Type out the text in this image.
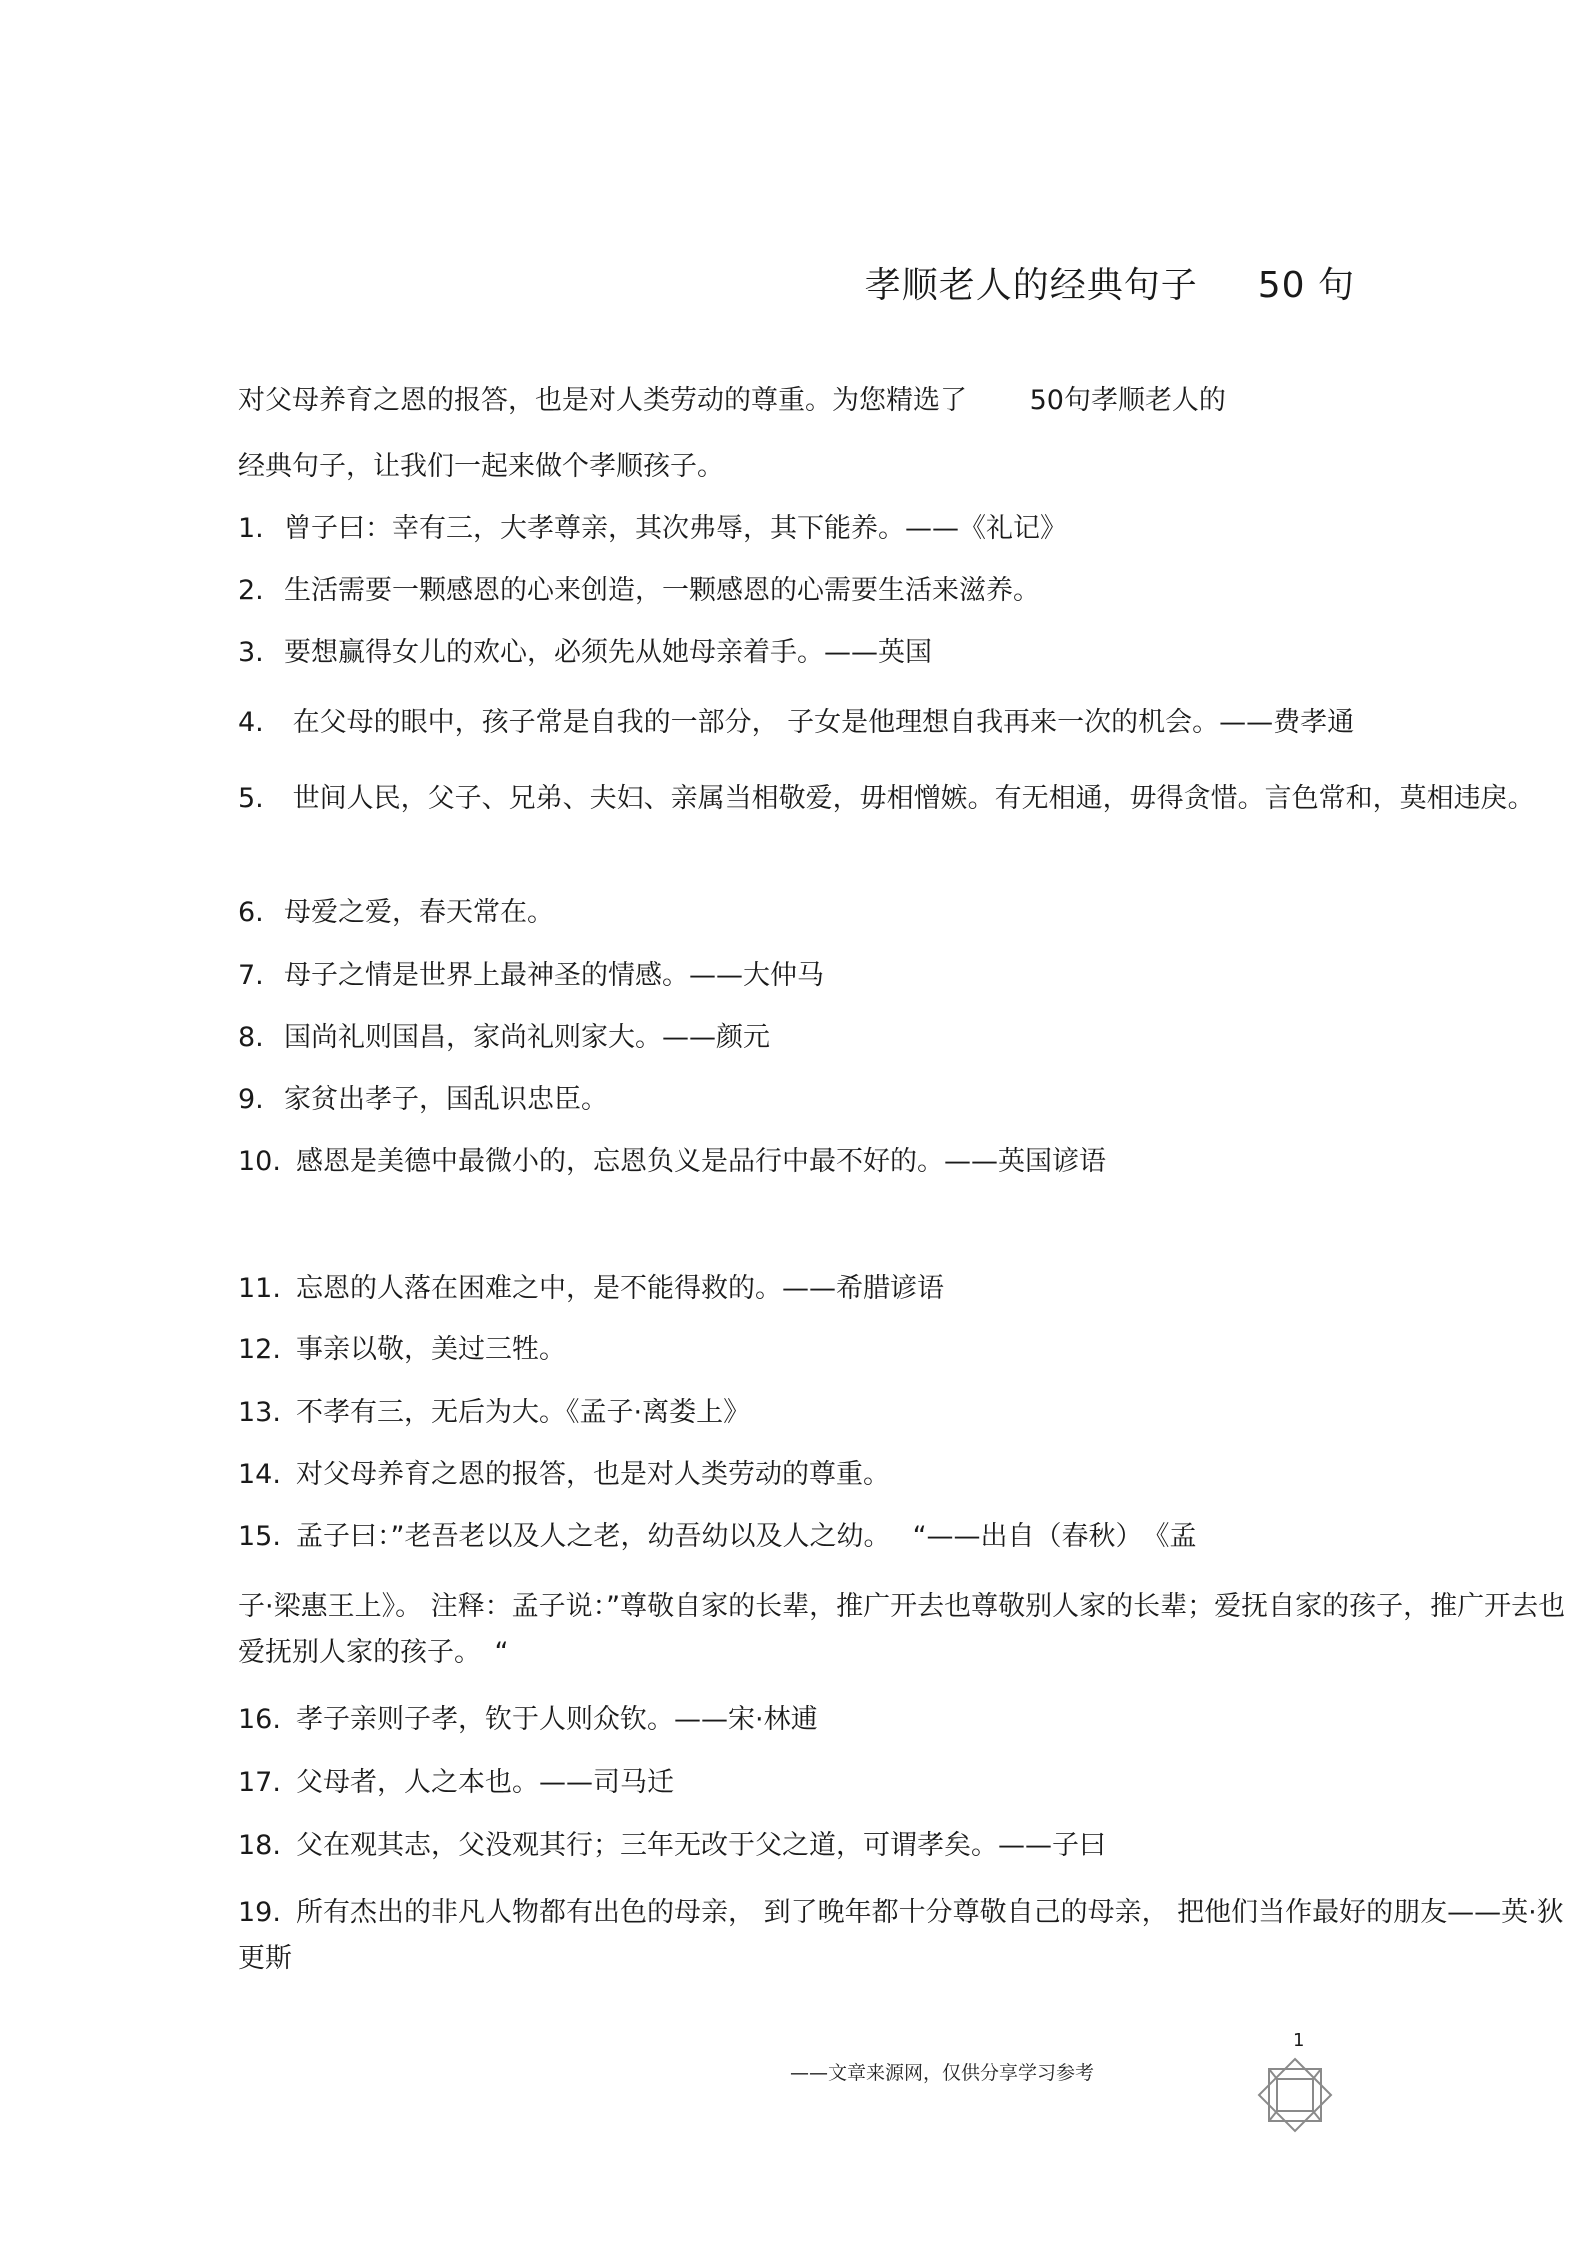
孝顺老人的经典句子 50 句
对父母养育之恩的报答，也是对人类劳动的尊重。为您精选了　　 50句孝顺老人的
经典句子，让我们一起来做个孝顺孩子。
1. 曾子曰：幸有三，大孝尊亲，其次弗辱，其下能养。——《礼记》
2. 生活需要一颗感恩的心来创造，一颗感恩的心需要生活来滋养。
3. 要想赢得女儿的欢心，必须先从她母亲着手。——英国
4. 在父母的眼中，孩子常是自我的一部分， 子女是他理想自我再来一次的机会。——费孝通
5. 世间人民，父子、兄弟、夫妇、亲属当相敬爱，毋相憎嫉。有无相通，毋得贪惜。言色常和，莫相违戾。
6. 母爱之爱，春天常在。
7. 母子之情是世界上最神圣的情感。——大仲马
8. 国尚礼则国昌，家尚礼则家大。——颜元
9. 家贫出孝子，国乱识忠臣。
10. 感恩是美德中最微小的，忘恩负义是品行中最不好的。——英国谚语
11. 忘恩的人落在困难之中，是不能得救的。——希腊谚语
12. 事亲以敬，美过三牲。
13. 不孝有三，无后为大。《孟子·离娄上》
14. 对父母养育之恩的报答，也是对人类劳动的尊重。
15. 孟子曰：”老吾老以及人之老，幼吾幼以及人之幼。　 “——出自（春秋）　《孟
子·梁惠王上》。 注释：孟子说：”尊敬自家的长辈，推广开去也尊敬别人家的长辈；爱抚自家的孩子，推广开去也爱抚别人家的孩子。　“
16. 孝子亲则子孝，钦于人则众钦。——宋·林逋
17. 父母者，人之本也。——司马迁
18. 父在观其志，父没观其行；三年无改于父之道，可谓孝矣。——子曰
19. 所有杰出的非凡人物都有出色的母亲， 到了晚年都十分尊敬自己的母亲， 把他们当作最好的朋友——英·狄更斯
1
——文章来源网，仅供分享学习参考
